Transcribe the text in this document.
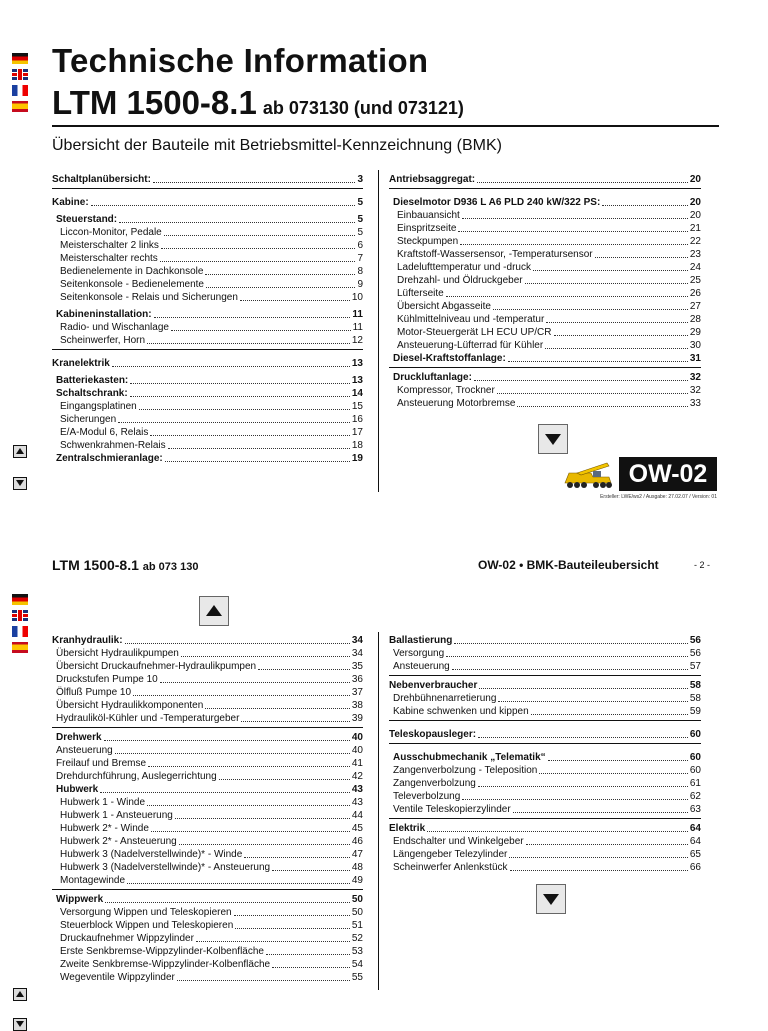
Technische Information
LTM 1500-8.1 ab 073130 (und 073121)
Übersicht der Bauteile mit Betriebsmittel-Kennzeichnung (BMK)
Schaltplanübersicht:	3
Kabine:	5
Steuerstand:	5
Liccon-Monitor, Pedale	5
Meisterschalter 2 links	6
Meisterschalter rechts	7
Bedienelemente in Dachkonsole	8
Seitenkonsole - Bedienelemente	9
Seitenkonsole - Relais und Sicherungen	10
Kabineninstallation:	11
Radio- und Wischanlage	11
Scheinwerfer, Horn	12
Kranelektrik	13
Batteriekasten:	13
Schaltschrank:	14
Eingangsplatinen	15
Sicherungen	16
E/A-Modul 6, Relais	17
Schwenkrahmen-Relais	18
Zentralschmieranlage:	19
Antriebsaggregat:	20
Dieselmotor D936 L A6 PLD 240 kW/322 PS:	20
Einbauansicht	20
Einspritzseite	21
Steckpumpen	22
Kraftstoff-Wassersensor, -Temperatursensor	23
Ladelufttemperatur und -druck	24
Drehzahl- und Öldruckgeber	25
Lüfterseite	26
Übersicht Abgasseite	27
Kühlmittelniveau und -temperatur	28
Motor-Steuergerät LH ECU UP/CR	29
Ansteuerung-Lüfterrad für Kühler	30
Diesel-Kraftstoffanlage:	31
Druckluftanlage:	32
Kompressor, Trockner	32
Ansteuerung Motorbremse	33
OW-02
Ersteller: LWE/ws2 / Ausgabe: 27.02.07 / Version: 01
LTM 1500-8.1 ab 073 130	OW-02 • BMK-Bauteileubersicht	- 2 -
Kranhydraulik:	34
Übersicht Hydraulikpumpen	34
Übersicht Druckaufnehmer-Hydraulikpumpen	35
Druckstufen Pumpe 10	36
Ölfluß Pumpe 10	37
Übersicht Hydraulikkomponenten	38
Hydrauliköl-Kühler und -Temperaturgeber	39
Drehwerk	40
Ansteuerung	40
Freilauf und Bremse	41
Drehdurchführung, Auslegerrichtung	42
Hubwerk	43
Hubwerk 1 - Winde	43
Hubwerk 1 - Ansteuerung	44
Hubwerk 2* - Winde	45
Hubwerk 2* - Ansteuerung	46
Hubwerk 3 (Nadelverstellwinde)* - Winde	47
Hubwerk 3 (Nadelverstellwinde)* - Ansteuerung	48
Montagewinde	49
Wippwerk	50
Versorgung Wippen und Teleskopieren	50
Steuerblock Wippen und Teleskopieren	51
Druckaufnehmer Wippzylinder	52
Erste Senkbremse-Wippzylinder-Kolbenfläche	53
Zweite Senkbremse-Wippzylinder-Kolbenfläche	54
Wegeventile Wippzylinder	55
Ballastierung	56
Versorgung	56
Ansteuerung	57
Nebenverbraucher	58
Drehbühnenarretierung	58
Kabine schwenken und kippen	59
Teleskopausleger:	60
Ausschubmechanik „Telematik“	60
Zangenverbolzung - Teleposition	60
Zangenverbolzung	61
Televerbolzung	62
Ventile Teleskopierzylinder	63
Elektrik	64
Endschalter und Winkelgeber	64
Längengeber Telezylinder	65
Scheinwerfer Anlenkstück	66
